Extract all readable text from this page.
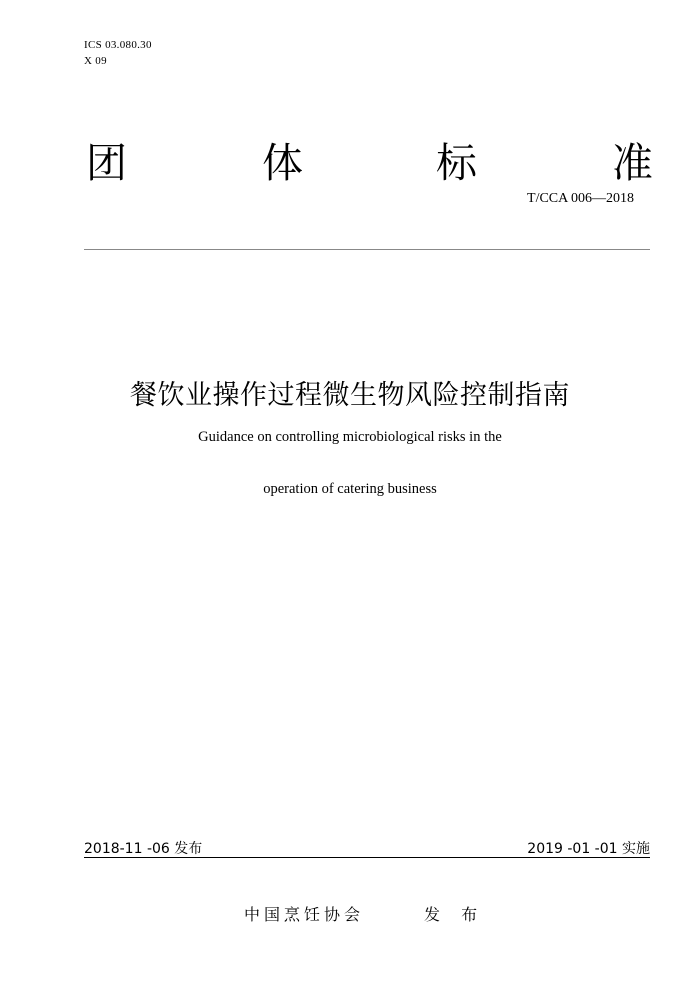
ICS 03.080.30
X 09
团	体	标	准
T/CCA 006—2018
餐饮业操作过程微生物风险控制指南
Guidance on controlling microbiological risks in the
operation of catering business
2018-11 -06 发布	2019 -01 -01 实施
中国烹饪协会	发 布
